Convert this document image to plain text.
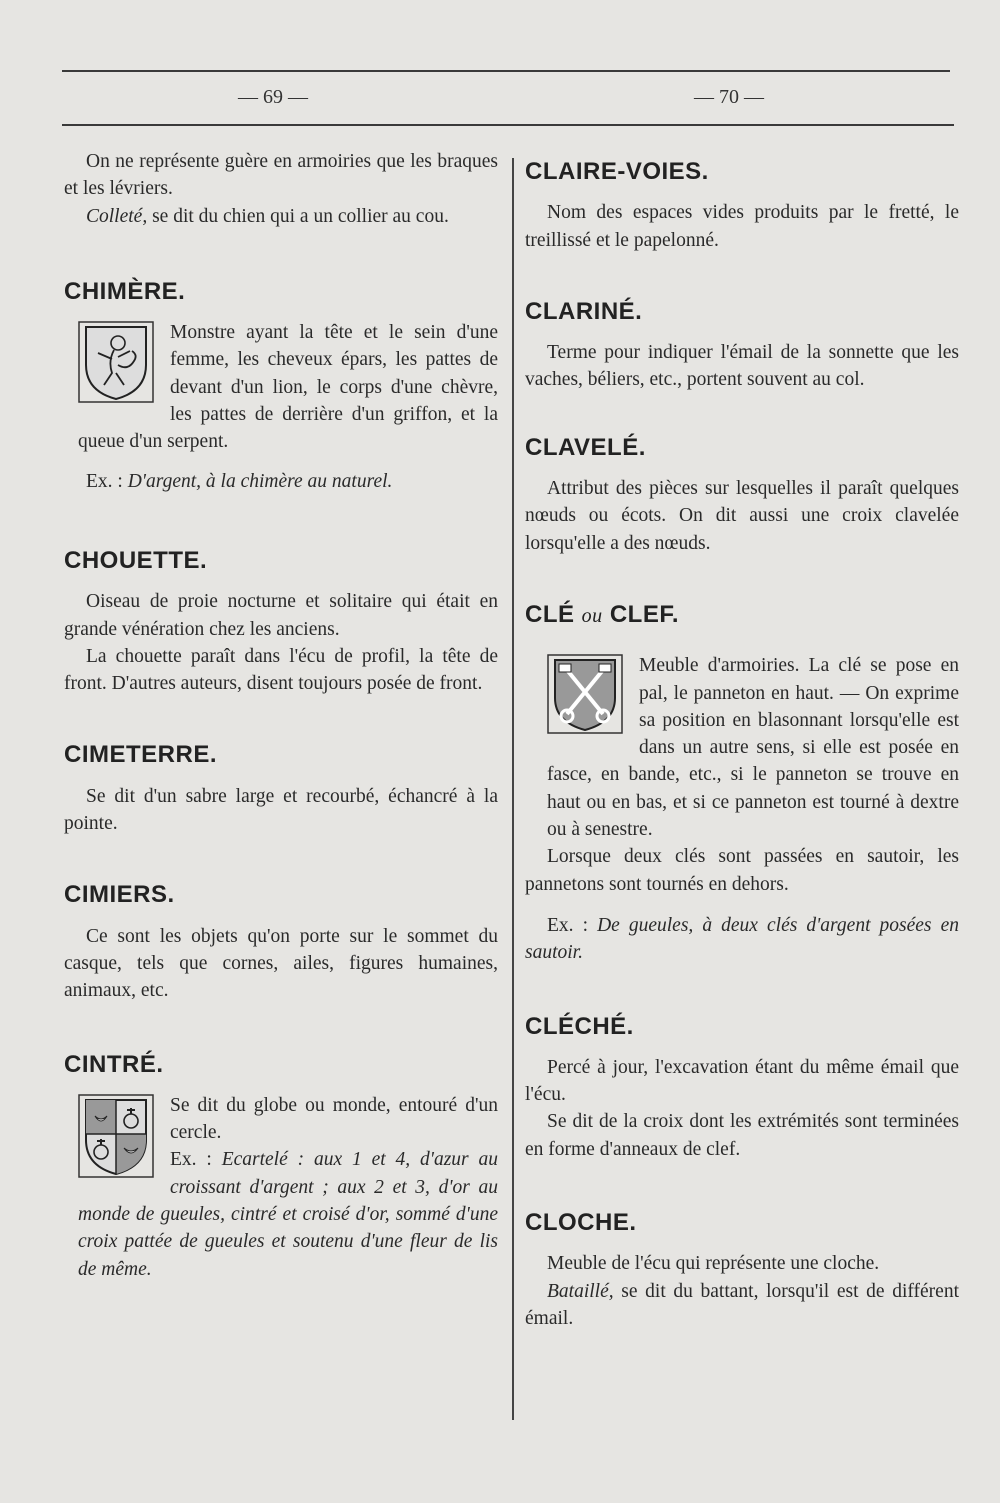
— 69 —	— 70 —

On ne représente guère en armoiries que les braques et les lévriers.

Colleté, se dit du chien qui a un collier au cou.

CHIMÈRE.

Monstre ayant la tête et le sein d'une femme, les cheveux épars, les pattes de devant d'un lion, le corps d'une chèvre, les pattes de derrière d'un griffon, et la queue d'un serpent.

Ex. : D'argent, à la chimère au naturel.

CHOUETTE.

Oiseau de proie nocturne et solitaire qui était en grande vénération chez les anciens.

La chouette paraît dans l'écu de profil, la tête de front. D'autres auteurs, disent toujours posée de front.

CIMETERRE.

Se dit d'un sabre large et recourbé, échancré à la pointe.

CIMIERS.

Ce sont les objets qu'on porte sur le sommet du casque, tels que cornes, ailes, figures humaines, animaux, etc.

CINTRÉ.

Se dit du globe ou monde, entouré d'un cercle.

Ex. : Ecartelé : aux 1 et 4, d'azur au croissant d'argent ; aux 2 et 3, d'or au monde de gueules, cintré et croisé d'or, sommé d'une croix pattée de gueules et soutenu d'une fleur de lis de même.

CLAIRE-VOIES.

Nom des espaces vides produits par le fretté, le treillissé et le papelonné.

CLARINÉ.

Terme pour indiquer l'émail de la sonnette que les vaches, béliers, etc., portent souvent au col.

CLAVELÉ.

Attribut des pièces sur lesquelles il paraît quelques nœuds ou écots. On dit aussi une croix clavelée lorsqu'elle a des nœuds.

CLÉ ou CLEF.

Meuble d'armoiries. La clé se pose en pal, le panneton en haut. — On exprime sa position en blasonnant lorsqu'elle est dans un autre sens, si elle est posée en fasce, en bande, etc., si le panneton se trouve en haut ou en bas, et si ce panneton est tourné à dextre ou à senestre.

Lorsque deux clés sont passées en sautoir, les pannetons sont tournés en dehors.

Ex. : De gueules, à deux clés d'argent posées en sautoir.

CLÉCHÉ.

Percé à jour, l'excavation étant du même émail que l'écu.

Se dit de la croix dont les extrémités sont terminées en forme d'anneaux de clef.

CLOCHE.

Meuble de l'écu qui représente une cloche.

Bataillé, se dit du battant, lorsqu'il est de différent émail.
